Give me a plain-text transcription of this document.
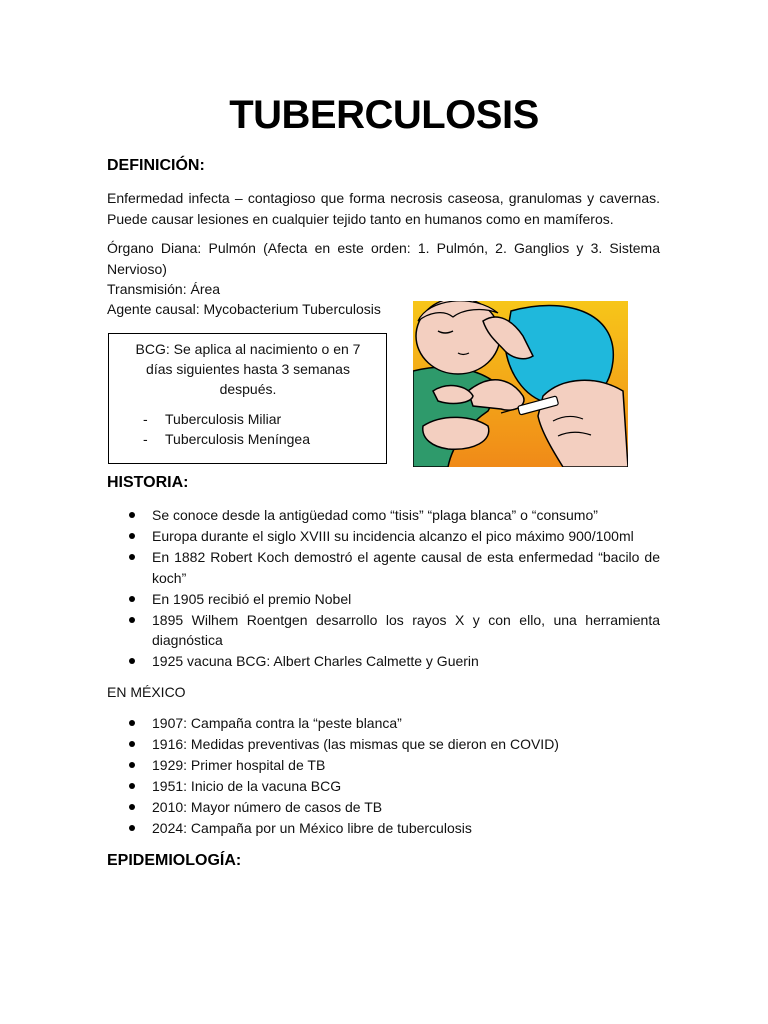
TUBERCULOSIS
DEFINICIÓN:
Enfermedad infecta – contagioso que forma necrosis caseosa, granulomas y cavernas. Puede causar lesiones en cualquier tejido tanto en humanos como en mamíferos.
Órgano Diana: Pulmón (Afecta en este orden: 1. Pulmón, 2. Ganglios y 3. Sistema Nervioso)
Transmisión: Área
Agente causal: Mycobacterium Tuberculosis
BCG: Se aplica al nacimiento o en 7 días siguientes hasta 3 semanas después.
- Tuberculosis Miliar
- Tuberculosis Meníngea
HISTORIA:
Se conoce desde la antigüedad como “tisis” “plaga blanca” o “consumo”
Europa durante el siglo XVIII su incidencia alcanzo el pico máximo 900/100ml
En 1882 Robert Koch demostró el agente causal de esta enfermedad “bacilo de koch”
En 1905 recibió el premio Nobel
1895 Wilhem Roentgen desarrollo los rayos X y con ello, una herramienta diagnóstica
1925 vacuna BCG: Albert Charles Calmette y Guerin
EN MÉXICO
1907: Campaña contra la “peste blanca”
1916: Medidas preventivas (las mismas que se dieron en COVID)
1929: Primer hospital de TB
1951: Inicio de la vacuna BCG
2010: Mayor número de casos de TB
2024: Campaña por un México libre de tuberculosis
EPIDEMIOLOGÍA:
